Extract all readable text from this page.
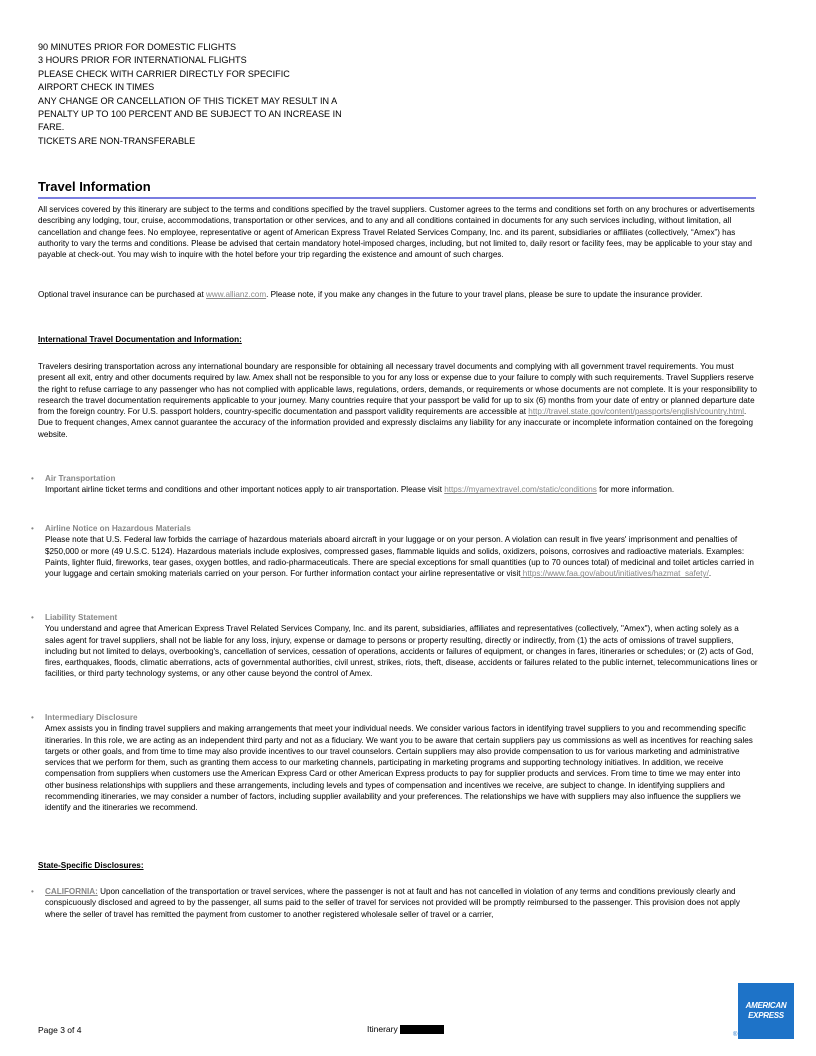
90 MINUTES PRIOR FOR DOMESTIC FLIGHTS
3 HOURS PRIOR FOR INTERNATIONAL FLIGHTS
PLEASE CHECK WITH CARRIER DIRECTLY FOR SPECIFIC
AIRPORT CHECK IN TIMES
ANY CHANGE OR CANCELLATION OF THIS TICKET MAY RESULT IN A
PENALTY UP TO 100 PERCENT AND BE SUBJECT TO AN INCREASE IN
FARE.
TICKETS ARE NON-TRANSFERABLE
Travel Information
All services covered by this itinerary are subject to the terms and conditions specified by the travel suppliers. Customer agrees to the terms and conditions set forth on any brochures or advertisements describing any lodging, tour, cruise, accommodations, transportation or other services, and to any and all conditions contained in documents for any such services including, without limitation, all cancellation and change fees. No employee, representative or agent of American Express Travel Related Services Company, Inc. and its parent, subsidiaries or affiliates (collectively, “Amex”) has authority to vary the terms and conditions. Please be advised that certain mandatory hotel-imposed charges, including, but not limited to, daily resort or facility fees, may be applicable to your stay and payable at check-out. You may wish to inquire with the hotel before your trip regarding the existence and amount of such charges.
Optional travel insurance can be purchased at www.allianz.com. Please note, if you make any changes in the future to your travel plans, please be sure to update the insurance provider.
International Travel Documentation and Information:
Travelers desiring transportation across any international boundary are responsible for obtaining all necessary travel documents and complying with all government travel requirements. You must present all exit, entry and other documents required by law. Amex shall not be responsible to you for any loss or expense due to your failure to comply with such requirements. Travel Suppliers reserve the right to refuse carriage to any passenger who has not complied with applicable laws, regulations, orders, demands, or requirements or whose documents are not complete. It is your responsibility to research the travel documentation requirements applicable to your journey. Many countries require that your passport be valid for up to six (6) months from your date of entry or planned departure date from the foreign country. For U.S. passport holders, country-specific documentation and passport validity requirements are accessible at http://travel.state.gov/content/passports/english/country.html. Due to frequent changes, Amex cannot guarantee the accuracy of the information provided and expressly disclaims any liability for any inaccurate or incomplete information contained on the foregoing website.
• Air Transportation
Important airline ticket terms and conditions and other important notices apply to air transportation. Please visit https://myamextravel.com/static/conditions for more information.
• Airline Notice on Hazardous Materials
Please note that U.S. Federal law forbids the carriage of hazardous materials aboard aircraft in your luggage or on your person. A violation can result in five years' imprisonment and penalties of $250,000 or more (49 U.S.C. 5124). Hazardous materials include explosives, compressed gases, flammable liquids and solids, oxidizers, poisons, corrosives and radioactive materials. Examples: Paints, lighter fluid, fireworks, tear gases, oxygen bottles, and radio-pharmaceuticals. There are special exceptions for small quantities (up to 70 ounces total) of medicinal and toilet articles carried in your luggage and certain smoking materials carried on your person. For further information contact your airline representative or visit https://www.faa.gov/about/initiatives/hazmat_safety/.
• Liability Statement
You understand and agree that American Express Travel Related Services Company, Inc. and its parent, subsidiaries, affiliates and representatives (collectively, "Amex"), when acting solely as a sales agent for travel suppliers, shall not be liable for any loss, injury, expense or damage to persons or property resulting, directly or indirectly, from (1) the acts of omissions of travel suppliers, including but not limited to delays, overbooking's, cancellation of services, cessation of operations, accidents or failures of equipment, or changes in fares, itineraries or schedules; or (2) acts of God, fires, earthquakes, floods, climatic aberrations, acts of governmental authorities, civil unrest, strikes, riots, theft, disease, accidents or failures related to the public internet, telecommunications lines or facilities, or third party technology systems, or any other cause beyond the control of Amex.
• Intermediary Disclosure
Amex assists you in finding travel suppliers and making arrangements that meet your individual needs. We consider various factors in identifying travel suppliers to you and recommending specific itineraries. In this role, we are acting as an independent third party and not as a fiduciary. We want you to be aware that certain suppliers pay us commissions as well as incentives for reaching sales targets or other goals, and from time to time may also provide incentives to our travel counselors. Certain suppliers may also provide compensation to us for various marketing and administrative services that we perform for them, such as granting them access to our marketing channels, participating in marketing programs and supporting technology initiatives. In addition, we receive compensation from suppliers when customers use the American Express Card or other American Express products to pay for supplier products and services. From time to time we may enter into other business relationships with suppliers and these arrangements, including levels and types of compensation and incentives we receive, are subject to change. In identifying suppliers and recommending itineraries, we may consider a number of factors, including supplier availability and your preferences. The relationships we have with suppliers may also influence the suppliers we identify and the itineraries we recommend.
State-Specific Disclosures:
• CALIFORNIA: Upon cancellation of the transportation or travel services, where the passenger is not at fault and has not cancelled in violation of any terms and conditions previously clearly and conspicuously disclosed and agreed to by the passenger, all sums paid to the seller of travel for services not provided will be promptly reimbursed to the passenger. This provision does not apply where the seller of travel has remitted the payment from customer to another registered wholesale seller of travel or a carrier,
Page 3 of 4	Itinerary
AMERICAN
EXPRESS
®
